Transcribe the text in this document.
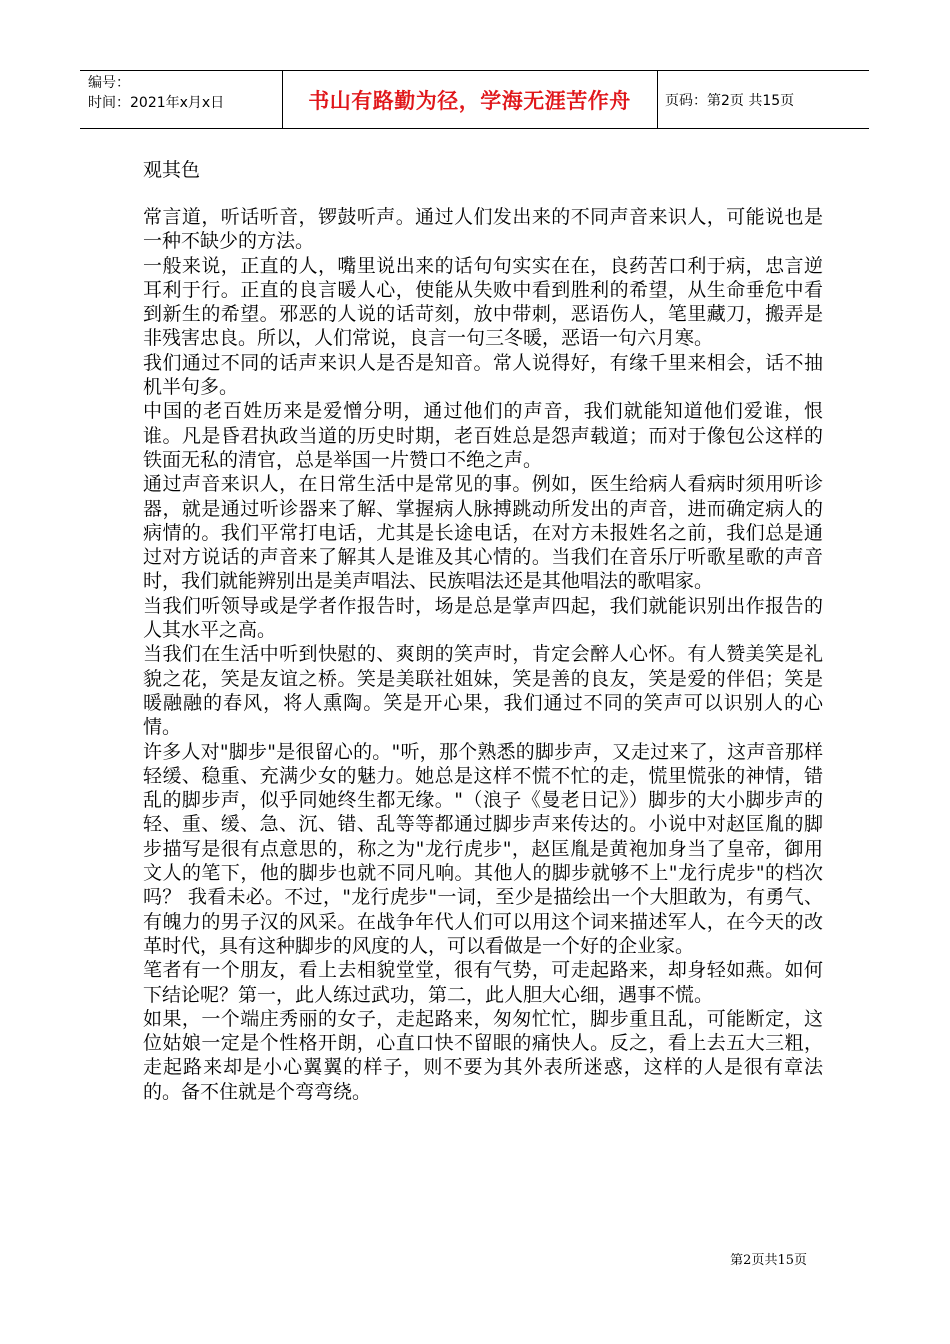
编号：
时间：2021年x月x日	书山有路勤为径，学海无涯苦作舟	页码：第2页 共15页
观其色

常言道，听话听音，锣鼓听声。通过人们发出来的不同声音来识人，可能说也是一种不缺少的方法。

一般来说，正直的人，嘴里说出来的话句句实实在在，良药苦口利于病，忠言逆耳利于行。正直的良言暖人心，使能从失败中看到胜利的希望，从生命垂危中看到新生的希望。邪恶的人说的话苛刻，放中带刺，恶语伤人，笔里藏刀，搬弄是非残害忠良。所以，人们常说，良言一句三冬暖，恶语一句六月寒。

我们通过不同的话声来识人是否是知音。常人说得好，有缘千里来相会，话不抽机半句多。

中国的老百姓历来是爱憎分明，通过他们的声音，我们就能知道他们爱谁，恨谁。凡是昏君执政当道的历史时期，老百姓总是怨声载道；而对于像包公这样的铁面无私的清官，总是举国一片赞口不绝之声。

通过声音来识人，在日常生活中是常见的事。例如，医生给病人看病时须用听诊器，就是通过听诊器来了解、掌握病人脉搏跳动所发出的声音，进而确定病人的病情的。我们平常打电话，尤其是长途电话，在对方未报姓名之前，我们总是通过对方说话的声音来了解其人是谁及其心情的。当我们在音乐厅听歌星歌的声音时，我们就能辨别出是美声唱法、民族唱法还是其他唱法的歌唱家。

当我们听领导或是学者作报告时，场是总是掌声四起，我们就能识别出作报告的人其水平之高。

当我们在生活中听到快慰的、爽朗的笑声时，肯定会醉人心怀。有人赞美笑是礼貌之花，笑是友谊之桥。笑是美联社姐妹，笑是善的良友，笑是爱的伴侣；笑是暖融融的春风，将人熏陶。笑是开心果，我们通过不同的笑声可以识别人的心情。

许多人对"脚步"是很留心的。"听，那个熟悉的脚步声，又走过来了，这声音那样轻缓、稳重、充满少女的魅力。她总是这样不慌不忙的走，慌里慌张的神情，错乱的脚步声，似乎同她终生都无缘。"（浪子《曼老日记》）脚步的大小脚步声的轻、重、缓、急、沉、错、乱等等都通过脚步声来传达的。小说中对赵匡胤的脚步描写是很有点意思的，称之为"龙行虎步"，赵匡胤是黄袍加身当了皇帝，御用文人的笔下，他的脚步也就不同凡响。其他人的脚步就够不上"龙行虎步"的档次吗？ 我看未必。不过，"龙行虎步"一词，至少是描绘出一个大胆敢为，有勇气、有魄力的男子汉的风采。在战争年代人们可以用这个词来描述军人，在今天的改革时代，具有这种脚步的风度的人，可以看做是一个好的企业家。

笔者有一个朋友，看上去相貌堂堂，很有气势，可走起路来，却身轻如燕。如何下结论呢？第一，此人练过武功，第二，此人胆大心细，遇事不慌。

如果，一个端庄秀丽的女子，走起路来，匆匆忙忙，脚步重且乱，可能断定，这位姑娘一定是个性格开朗，心直口快不留眼的痛快人。反之，看上去五大三粗，走起路来却是小心翼翼的样子，则不要为其外表所迷惑，这样的人是很有章法的。备不住就是个弯弯绕。

第2页共15页
